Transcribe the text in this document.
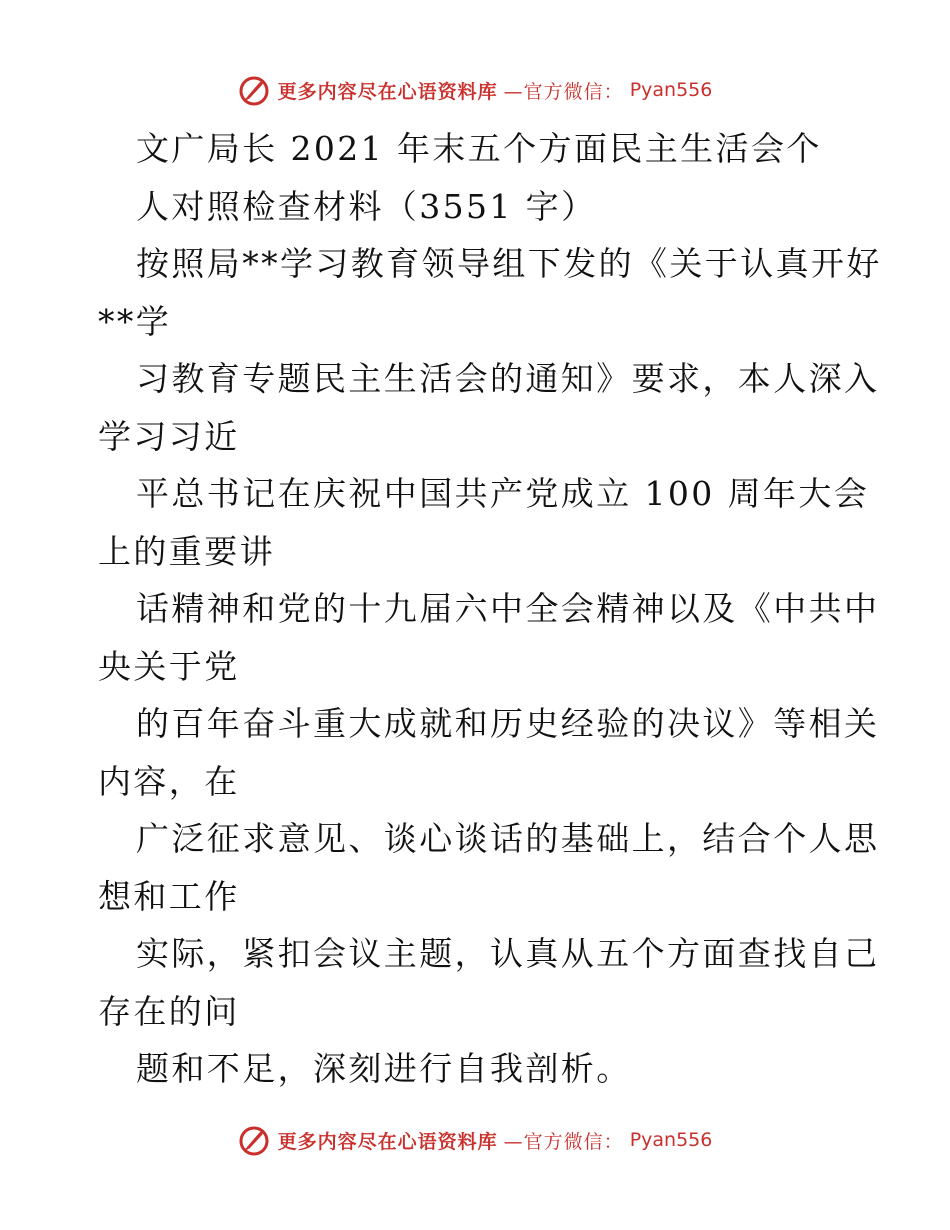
更多内容尽在心语资料库 —官方微信： Pyan556
文广局长 2021 年末五个方面民主生活会个
人对照检查材料（3551 字）
按照局**学习教育领导组下发的《关于认真开好
**学
习教育专题民主生活会的通知》要求，本人深入
学习习近
平总书记在庆祝中国共产党成立 100 周年大会
上的重要讲
话精神和党的十九届六中全会精神以及《中共中
央关于党
的百年奋斗重大成就和历史经验的决议》等相关
内容，在
广泛征求意见、谈心谈话的基础上，结合个人思
想和工作
实际，紧扣会议主题，认真从五个方面查找自己
存在的问
题和不足，深刻进行自我剖析。
更多内容尽在心语资料库 —官方微信： Pyan556
